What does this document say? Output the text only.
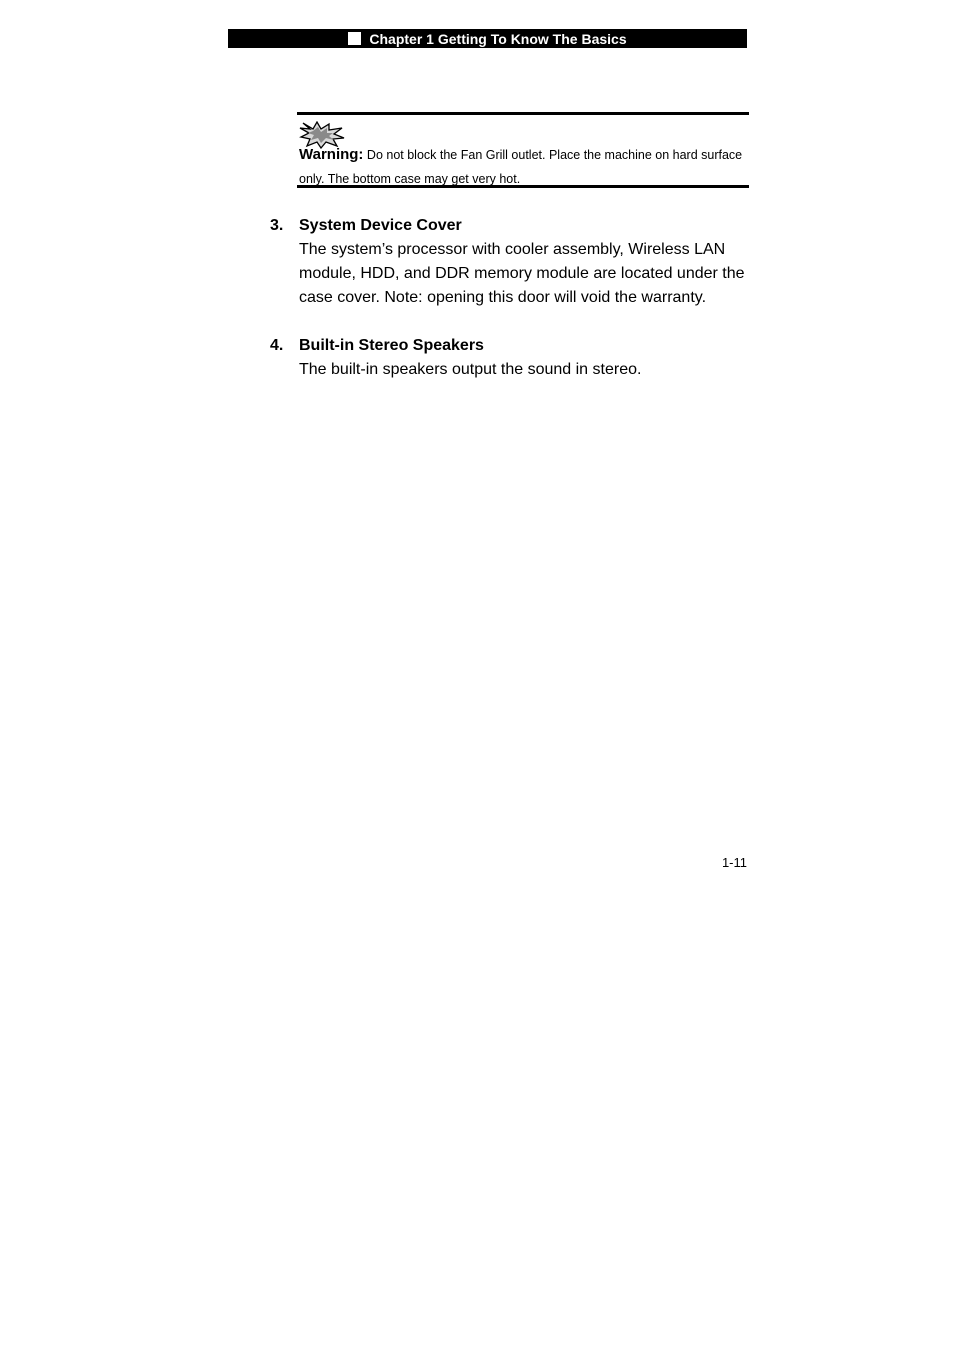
Chapter 1 Getting To Know The Basics
Warning: Do not block the Fan Grill outlet. Place the machine on hard surface only. The bottom case may get very hot.
3. System Device Cover
The system’s processor with cooler assembly, Wireless LAN module, HDD, and DDR memory module are located under the case cover. Note: opening this door will void the warranty.
4. Built-in Stereo Speakers
The built-in speakers output the sound in stereo.
1-11
